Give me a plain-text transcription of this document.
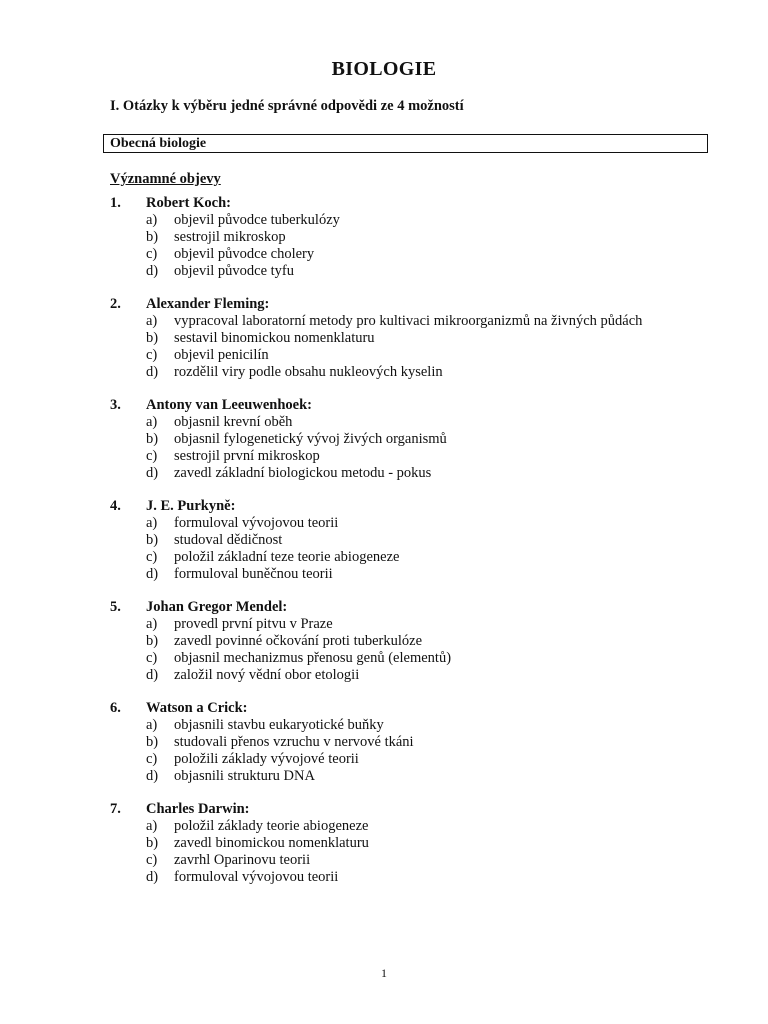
BIOLOGIE
I. Otázky k výběru jedné správné odpovědi ze 4 možností
Obecná biologie
Významné objevy
1. Robert Koch:
a) objevil původce tuberkulózy
b) sestrojil mikroskop
c) objevil původce cholery
d) objevil původce tyfu
2. Alexander Fleming:
a) vypracoval laboratorní metody pro kultivaci mikroorganizmů na živných půdách
b) sestavil binomickou nomenklaturu
c) objevil penicilín
d) rozdělil viry podle obsahu nukleových kyselin
3. Antony van Leeuwenhoek:
a) objasnil krevní oběh
b) objasnil fylogenetický vývoj živých organismů
c) sestrojil první mikroskop
d) zavedl základní biologickou metodu - pokus
4. J. E. Purkyně:
a) formuloval vývojovou teorii
b) studoval dědičnost
c) položil základní teze teorie abiogeneze
d) formuloval buněčnou teorii
5. Johan Gregor Mendel:
a) provedl první pitvu v Praze
b) zavedl povinné očkování proti tuberkulóze
c) objasnil mechanizmus přenosu genů (elementů)
d) založil nový vědní obor etologii
6. Watson a Crick:
a) objasnili stavbu eukaryotické buňky
b) studovali přenos vzruchu v nervové tkáni
c) položili základy vývojové teorii
d) objasnili strukturu DNA
7. Charles Darwin:
a) položil základy teorie abiogeneze
b) zavedl binomickou nomenklaturu
c) zavrhl Oparinovu teorii
d) formuloval vývojovou teorii
1
